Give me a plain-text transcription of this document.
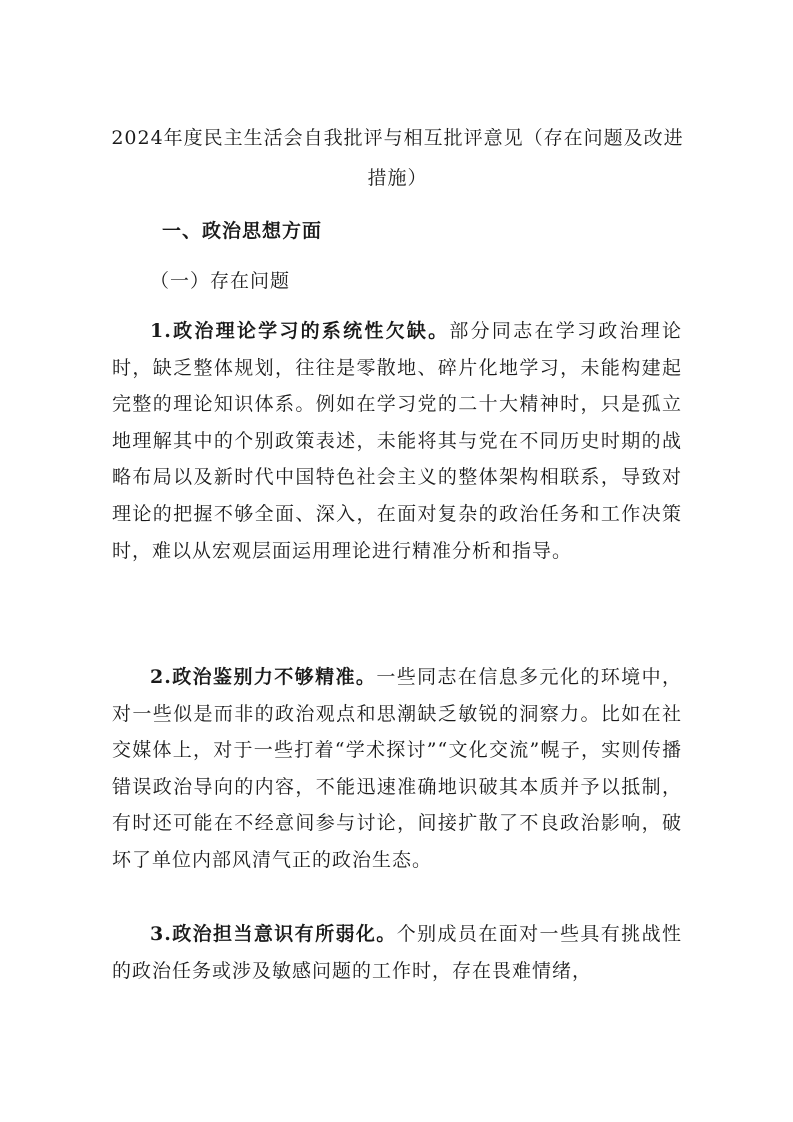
2024年度民主生活会自我批评与相互批评意见（存在问题及改进措施）
一、政治思想方面
（一）存在问题
1.政治理论学习的系统性欠缺。部分同志在学习政治理论时，缺乏整体规划，往往是零散地、碎片化地学习，未能构建起完整的理论知识体系。例如在学习党的二十大精神时，只是孤立地理解其中的个别政策表述，未能将其与党在不同历史时期的战略布局以及新时代中国特色社会主义的整体架构相联系，导致对理论的把握不够全面、深入，在面对复杂的政治任务和工作决策时，难以从宏观层面运用理论进行精准分析和指导。
2.政治鉴别力不够精准。一些同志在信息多元化的环境中，对一些似是而非的政治观点和思潮缺乏敏锐的洞察力。比如在社交媒体上，对于一些打着“学术探讨”“文化交流”幌子，实则传播错误政治导向的内容，不能迅速准确地识破其本质并予以抵制，有时还可能在不经意间参与讨论，间接扩散了不良政治影响，破坏了单位内部风清气正的政治生态。
3.政治担当意识有所弱化。个别成员在面对一些具有挑战性的政治任务或涉及敏感问题的工作时，存在畏难情绪，
